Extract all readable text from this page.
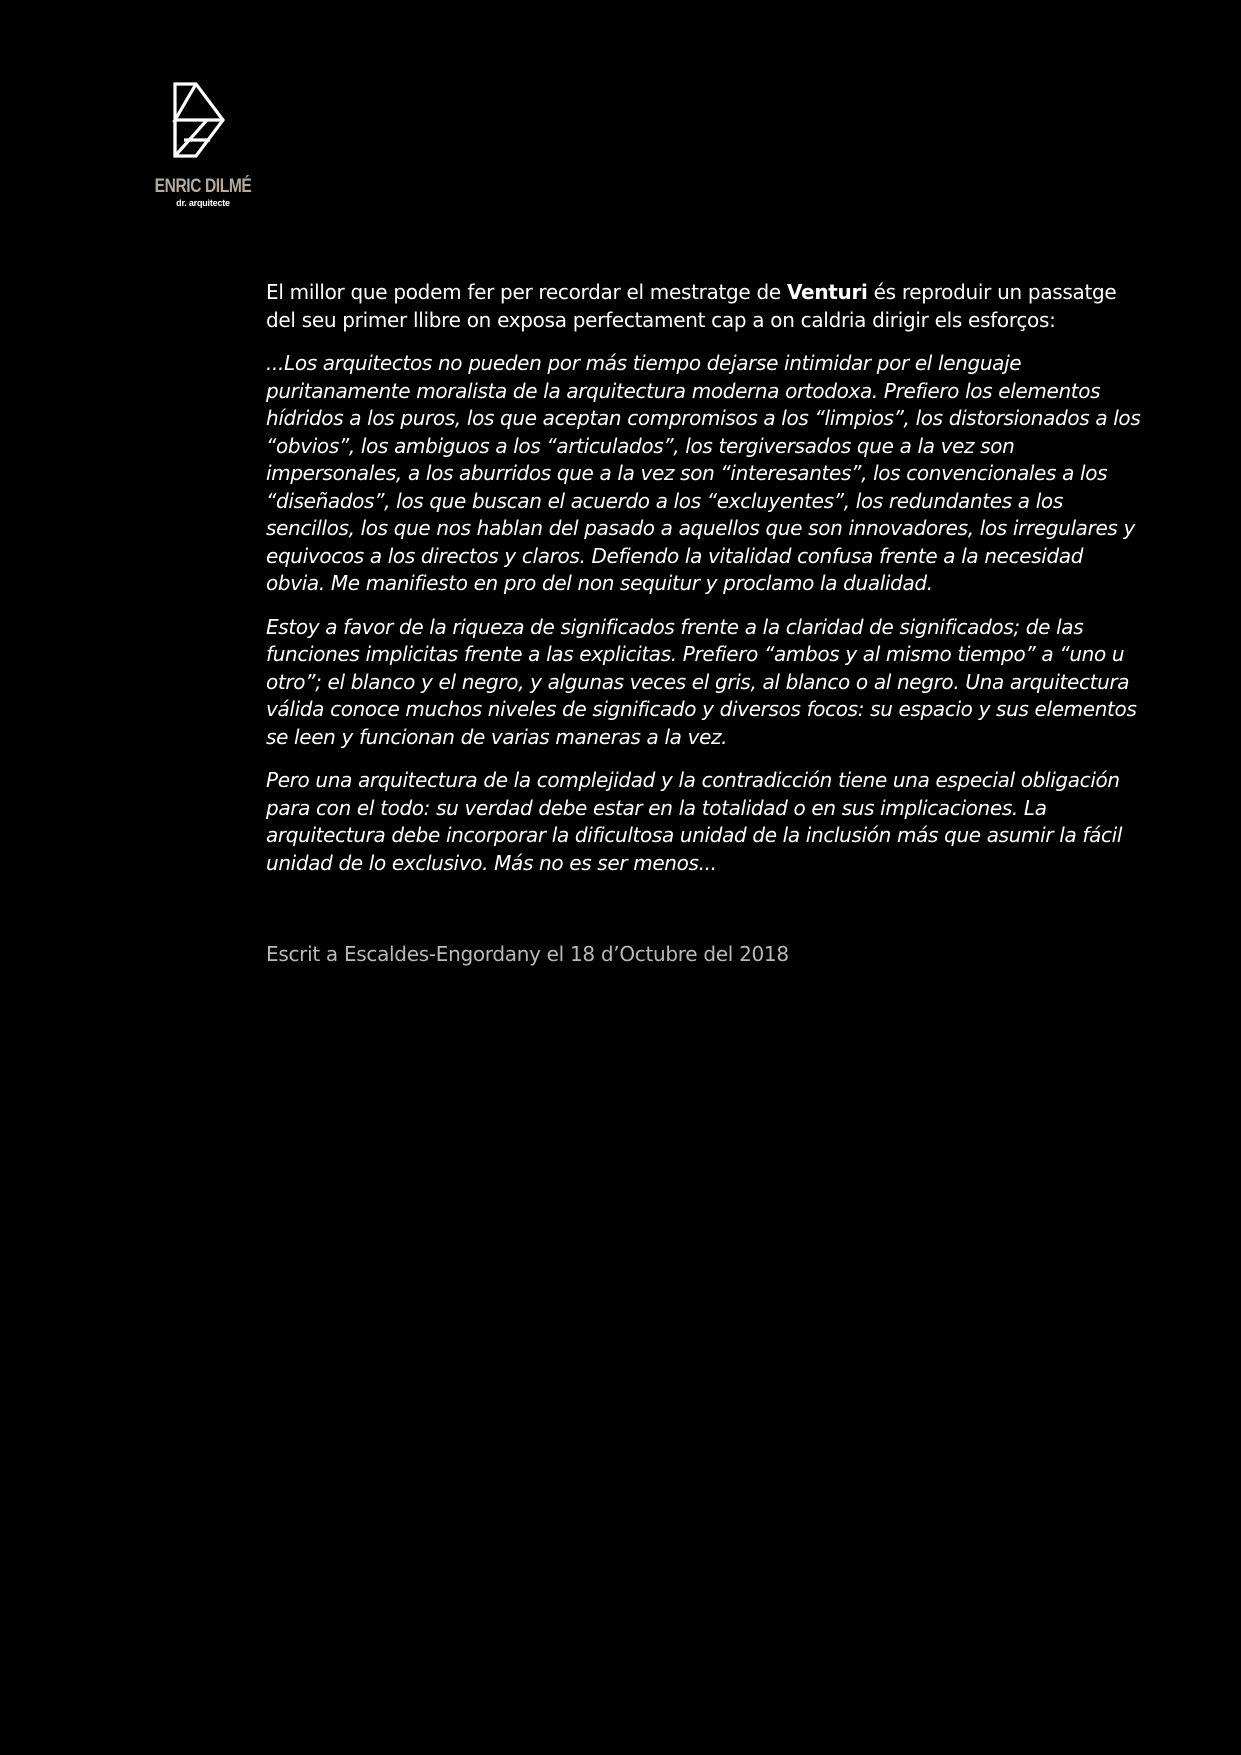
ENRIC DILMÉ
dr. arquitecte

El millor que podem fer per recordar el mestratge de Venturi és reproduir un passatge del seu primer llibre on exposa perfectament cap a on caldria dirigir els esforços:

...Los arquitectos no pueden por más tiempo dejarse intimidar por el lenguaje puritanamente moralista de la arquitectura moderna ortodoxa. Prefiero los elementos hídridos a los puros, los que aceptan compromisos a los “limpios”, los distorsionados a los “obvios”, los ambiguos a los “articulados”, los tergiversados que a la vez son impersonales, a los aburridos que a la vez son “interesantes”, los convencionales a los “diseñados”, los que buscan el acuerdo a los “excluyentes”, los redundantes a los sencillos, los que nos hablan del pasado a aquellos que son innovadores, los irregulares y equivocos a los directos y claros. Defiendo la vitalidad confusa frente a la necesidad obvia. Me manifiesto en pro del non sequitur y proclamo la dualidad.

Estoy a favor de la riqueza de significados frente a la claridad de significados; de las funciones implicitas frente a las explicitas. Prefiero “ambos y al mismo tiempo” a “uno u otro”; el blanco y el negro, y algunas veces el gris, al blanco o al negro. Una arquitectura válida conoce muchos niveles de significado y diversos focos: su espacio y sus elementos se leen y funcionan de varias maneras a la vez.

Pero una arquitectura de la complejidad y la contradicción tiene una especial obligación para con el todo: su verdad debe estar en la totalidad o en sus implicaciones. La arquitectura debe incorporar la dificultosa unidad de la inclusión más que asumir la fácil unidad de lo exclusivo. Más no es ser menos...

Escrit a Escaldes-Engordany el 18 d’Octubre del 2018
